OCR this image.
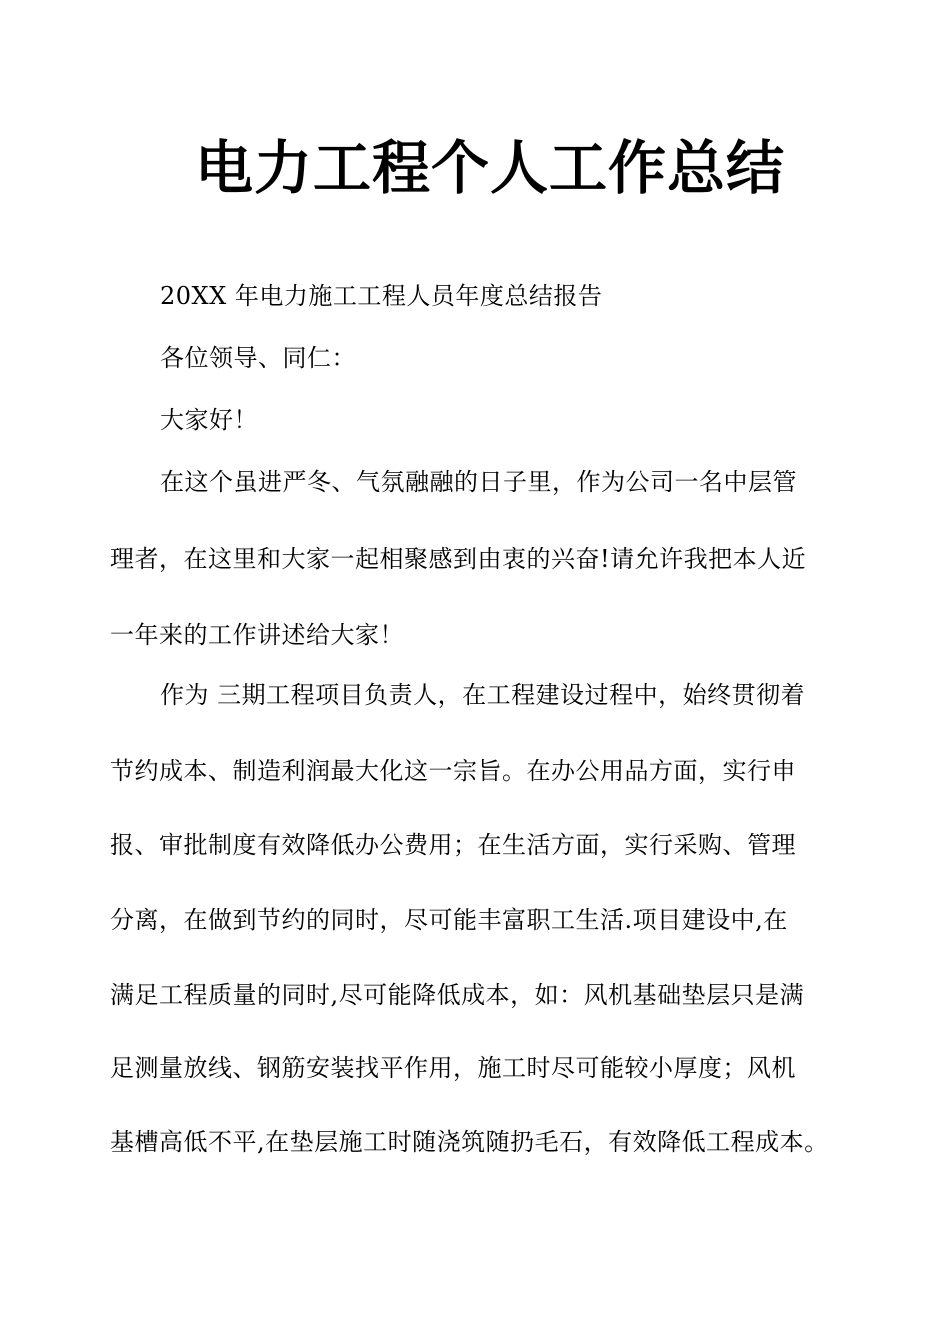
电力工程个人工作总结
20XX 年电力施工工程人员年度总结报告
各位领导、同仁：
大家好！
在这个虽进严冬、气氛融融的日子里，作为公司一名中层管
理者，在这里和大家一起相聚感到由衷的兴奋!请允许我把本人近
一年来的工作讲述给大家！
作为 三期工程项目负责人，在工程建设过程中，始终贯彻着
节约成本、制造利润最大化这一宗旨。在办公用品方面，实行申
报、审批制度有效降低办公费用；在生活方面，实行采购、管理
分离，在做到节约的同时，尽可能丰富职工生活.项目建设中,在
满足工程质量的同时,尽可能降低成本，如：风机基础垫层只是满
足测量放线、钢筋安装找平作用，施工时尽可能较小厚度；风机
基槽高低不平,在垫层施工时随浇筑随扔毛石，有效降低工程成本。
